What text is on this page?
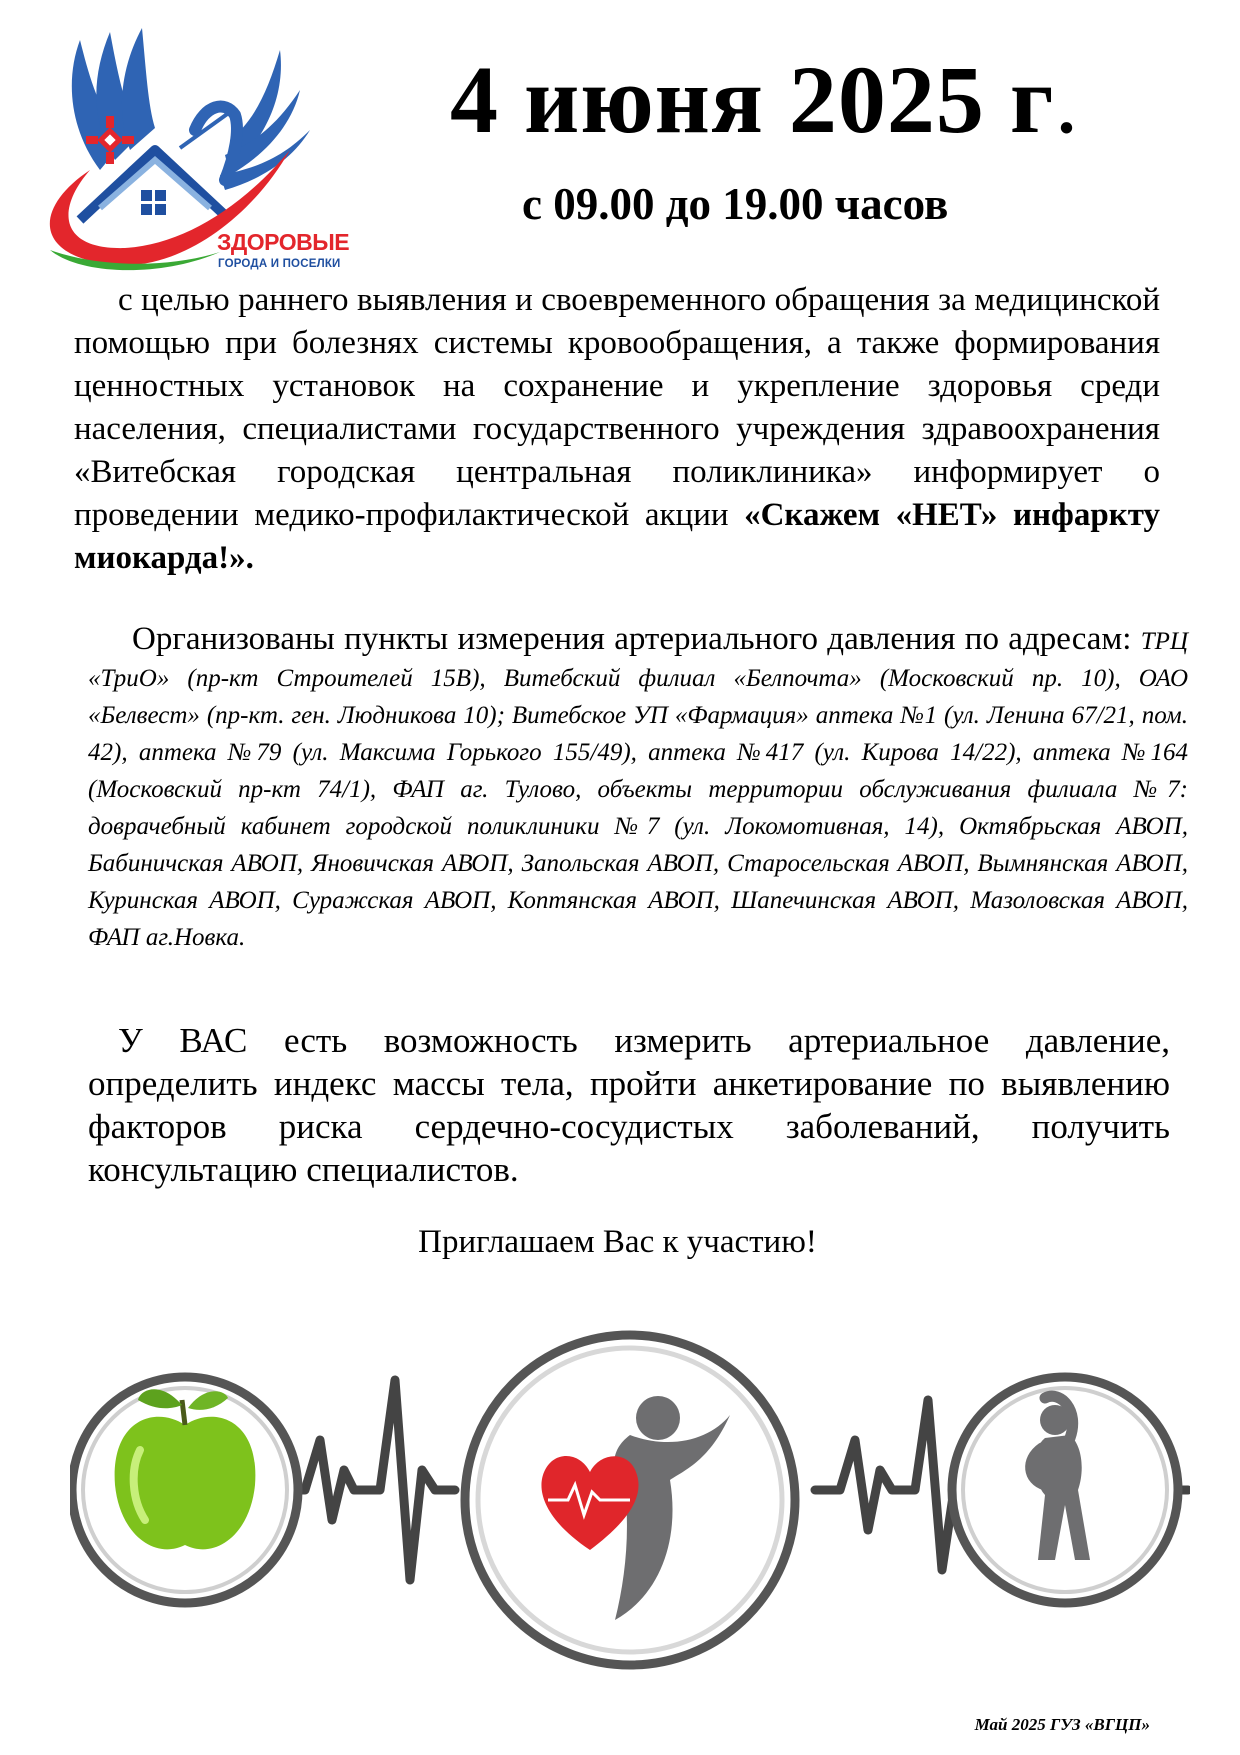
ЗДОРОВЫЕ
ГОРОДА И ПОСЕЛКИ
4 июня 2025 г.
с 09.00 до 19.00 часов
с целью раннего выявления и своевременного обращения за медицинской помощью при болезнях системы кровообращения, а также формирования ценностных установок на сохранение и укрепление здоровья среди населения, специалистами государственного учреждения здравоохранения «Витебская городская центральная поликлиника» информирует о проведении медико-профилактической акции «Скажем «НЕТ» инфаркту миокарда!».
Организованы пункты измерения артериального давления по адресам: ТРЦ «ТриО» (пр-кт Строителей 15В), Витебский филиал «Белпочта» (Московский пр. 10), ОАО «Белвест» (пр-кт. ген. Людникова 10); Витебское УП «Фармация» аптека №1 (ул. Ленина 67/21, пом. 42), аптека №79 (ул. Максима Горького 155/49), аптека №417 (ул. Кирова 14/22), аптека №164 (Московский пр-кт 74/1), ФАП аг. Тулово, объекты территории обслуживания филиала №7: доврачебный кабинет городской поликлиники №7 (ул. Локомотивная, 14), Октябрьская АВОП, Бабиничская АВОП, Яновичская АВОП, Запольская АВОП, Старосельская АВОП, Вымнянская АВОП, Куринская АВОП, Суражская АВОП, Коптянская АВОП, Шапечинская АВОП, Мазоловская АВОП, ФАП аг.Новка.
У ВАС есть возможность измерить артериальное давление, определить индекс массы тела, пройти анкетирование по выявлению факторов риска сердечно-сосудистых заболеваний, получить консультацию специалистов.
Приглашаем Вас к участию!
Май 2025 ГУЗ «ВГЦП»
